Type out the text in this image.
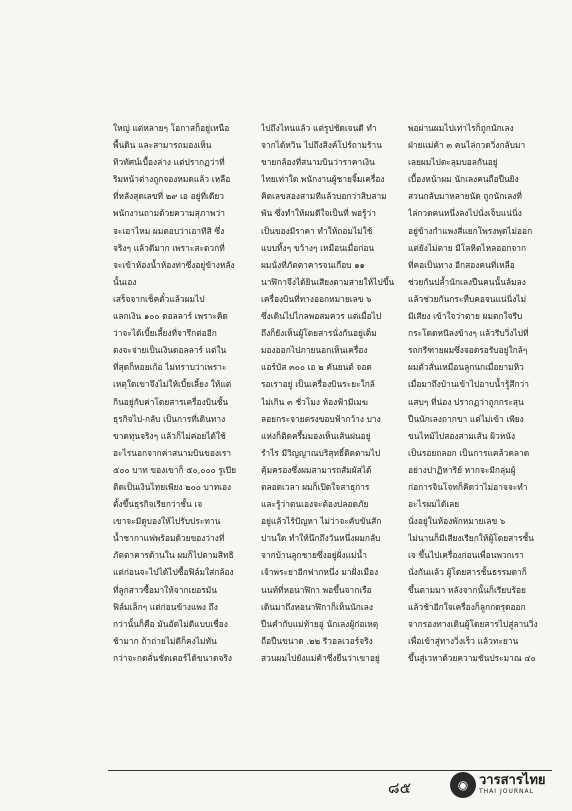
ใหญ่ แต่หลายๆ โอกาสก็อยู่เหนือ
พื้นดิน และสามารถมองเห็น
ทิวทัศน์เบื้องล่าง แต่ปรากฏว่าที่
ริมหน้าต่างถูกจองหมดแล้ว เหลือ
ที่หลังสุดเลขที่ ๒๙ เอ อยู่ที่เดียว
พนักงานถามด้วยความสุภาพว่า
จะเอาไหม ผมตอบว่าเอาทีสิ ซึ่ง
จริงๆ แล้วดีมาก เพราะสะดวกที่
จะเข้าห้องน้ำห้องท่าซึ่งอยู่ข้างหลัง
นั้นเอง
เสร็จจากเช็คตั๋วแล้วผมไป
แลกเงิน ๑๐๐ ดอลลาร์ เพราะคิด
ว่าจะได้เบี้ยเลี้ยงที่จารึกต่ออีก
ตงจะจ่ายเป็นเงินดอลลาร์ แต่ใน
ที่สุดก็หอยเก้อ ไม่ทราบว่าเพราะ
เหตุใดเขาจึงไม่ให้เบี้ยเลี้ยง ให้แต่
กินอยู่กับค่าโดยสารเครื่องบินชั้น
ธุรกิจไป-กลับ เป็นการที่เดินทาง
ขาดทุนจริงๆ แล้วก็ไม่ค่อยได้ใช้
อะไรนอกจากค่าสนามบินของเรา
๕๐๐ บาท ของเขาก็ ๕๐,๐๐๐ รูเปีย
ติดเป็นเงินไทยเพียง ๒๐๐ บาทเอง
ตั้งขึ้นธุรกิจเรียกว่าชั้น เจ
เขาจะมีดูบองให้ไปรับประทาน
น้ำชากาแฟพร้อมด้วยของว่างที่
ภัตตาคารด้านใน ผมก็ไปตามสิทธิ
แต่ก่อนจะไปได้ไปซื้อฟิล์มใส่กล้อง
ที่ลูกสาวซื้อมาให้จากเยอรมัน
ฟิล์มเล็กๆ แต่ก่อนข้างแพง ถึง
กว่านั้นก็คือ มันอัดไม่ดีแบบเชื่อง
ช้ามาก ถ้าถ่ายไม่ดีก็คงไม่ทัน
กว่าจะกดลั่นชัตเตอร์ได้ขนาดจริง
ไปถึงไหนแล้ว แต่รูปชัดเจนดี ทำ
จากได้หวิน ไปถึงสิงค์โปร์ถามร้าน
ขายกล้องที่สนามบินว่าราคาเงิน
ไทยเท่าใด พนักงานผู้ชายจิ้มเครื่อง
คิดเลขสองสามทีแล้วบอกว่าสิบสาม
พัน ซึ่งทำให้ผมดีใจเป็นที่ พอรู้ว่า
เป็นของมีราคา ทำให้ถอมไม่ใช้
แบบทิ้งๆ ขว้างๆ เหมือนเมื่อก่อน
ผมนั่งที่ภัตตาคารจนเกือบ ๑๑
นาฬิกาจึงได้ยินเสียงตามสายให้ไปขึ้น
เครื่องบินที่ทางออกหมายเลข ๖
ซึ่งเดินไปไกลพอสมควร แต่เมื่อไป
ถึงก็ยังเห็นผู้โดยสารนั่งกันอยู่เต็ม
มองออกไปภายนอกเห็นเครื่อง
แอร์บัส ๓๐๐ เอ ๒ คันยนต์ จอด
รอเราอยู่ เป็นเครื่องบินระยะใกล้
ไม่เกิน ๓ ชั่วโมง ห้องฟ้ามีเมฆ
ลอยกระจายตรงขอบฟ้ากว้าง บาง
แห่งก็ติดครึ้มมองเห็นเส้นฝนอยู่
รำไร มีวิญญาณบริสุทธิ์ติดตามไป
คุ้มครองซึ่งผมสามารถสัมผัสได้
ตลอดเวลา ผมก็เปิดใจสาธุการ
และรู้ว่าตนเองจะต้องปลอดภัย
อยู่แล้วไร้ปัญหา ไม่ว่าจะคับขันสัก
ปานใด ทำให้นึกถึงวันหนึ่งผมกลับ
จากบ้านลูกชายซึ่งอยู่ฝั่งแม่น้ำ
เจ้าพระยาอีกฟากหนึ่ง มาฝั่งเมือง
นนท์ที่หอนาฬิกา พอขึ้นจากเรือ
เดินมาถึงหอนาฬิกาก็เห็นนักเลง
ปืนคำกับแม่ท้ายอู่ นักเลงผู้ก่อเหตุ
ถือปืนขนาด .๒๒ รีวอลเวอร์จริง
สวนผมไปยังแม่ค้าซึ่งยืนว่าเขาอยู่
พอผ่านผมไปเท่าไรก็ถูกนักเลง
ฝ่ายแม่ค้า ๓ คนไล่กวดวิ่งกลับมา
เลยผมไปตะลุมบอลกันอยู่
เบื้องหน้าผม นักเลงคนถือปืนยิง
สวนกลับมาหลายนัด ถูกนักเลงที่
ไล่กวดคนหนึ่งลงไปนั่งเจ็บแน่นิ่ง
อยู่ข้างกำแพงสี่แยกโพรงพุดไม่ออก
แต่ยังไม่ตาย มีโลหิตไหลออกจาก
ที่คอเป็นทาง อีกสองคนที่เหลือ
ช่วยกันปล้ำนักเลงปืนคนนั้นล้มลง
แล้วช่วยกันกระทืบคอจนแน่นิ่งไม่
มีเสียง เข้าใจว่าตาย ผมตกใจรีบ
กระโดดหนีลงข้างๆ แล้วรีบวิ่งไปที่
รถกรีฑายผมซึ่งจอดรอรับอยู่ใกล้ๆ
ผมตัวสั่นเหมือนลูกนกเมื่อยามหิว
เมื่อมาถึงบ้านเข้าไปอาบน้ำรู้สึกว่า
แสบๆ ที่น่อง ปรากฏว่าถูกกระสุน
ปืนนักเลงถากขา แต่ไม่เข้า เพียง
ขนไหม้ไปสองสามเส้น ผิวหนัง
เป็นรอยถลอก เป็นการแคล้วคลาด
อย่างปาฏิหาริย์ หากจะมีกลุ่มผู้
ก่อการจินโจทก็คิดว่าไม่อาจจะทำ
อะไรผมได้เลย
นั่งอยู่ในห้องพักหมายเลข ๖
ไม่นานก็มีเสียงเรียกให้ผู้โดยสารชั้น
เจ ขึ้นไปเครื่องก่อนเพื่อนพวกเรา
นั่งกันแล้ว ผู้โดยสารชั้นธรรมดาก็
ขึ้นตามมา หลังจากนั้นก็เรียบร้อย
แล้วช้าอีกใจเครื่องก็ลูกกดรุดออก
จากรองทางเดินผู้โดยสารไปสู่ลานวิ่ง
เพื่อเข้าสู่ทางวิ่งเร็ว แล้วทะยาน
ขึ้นสู่เวหาด้วยความชันประมาณ ๔๐
๘๕	◉ วารสารไทย
THAI JOURNAL
